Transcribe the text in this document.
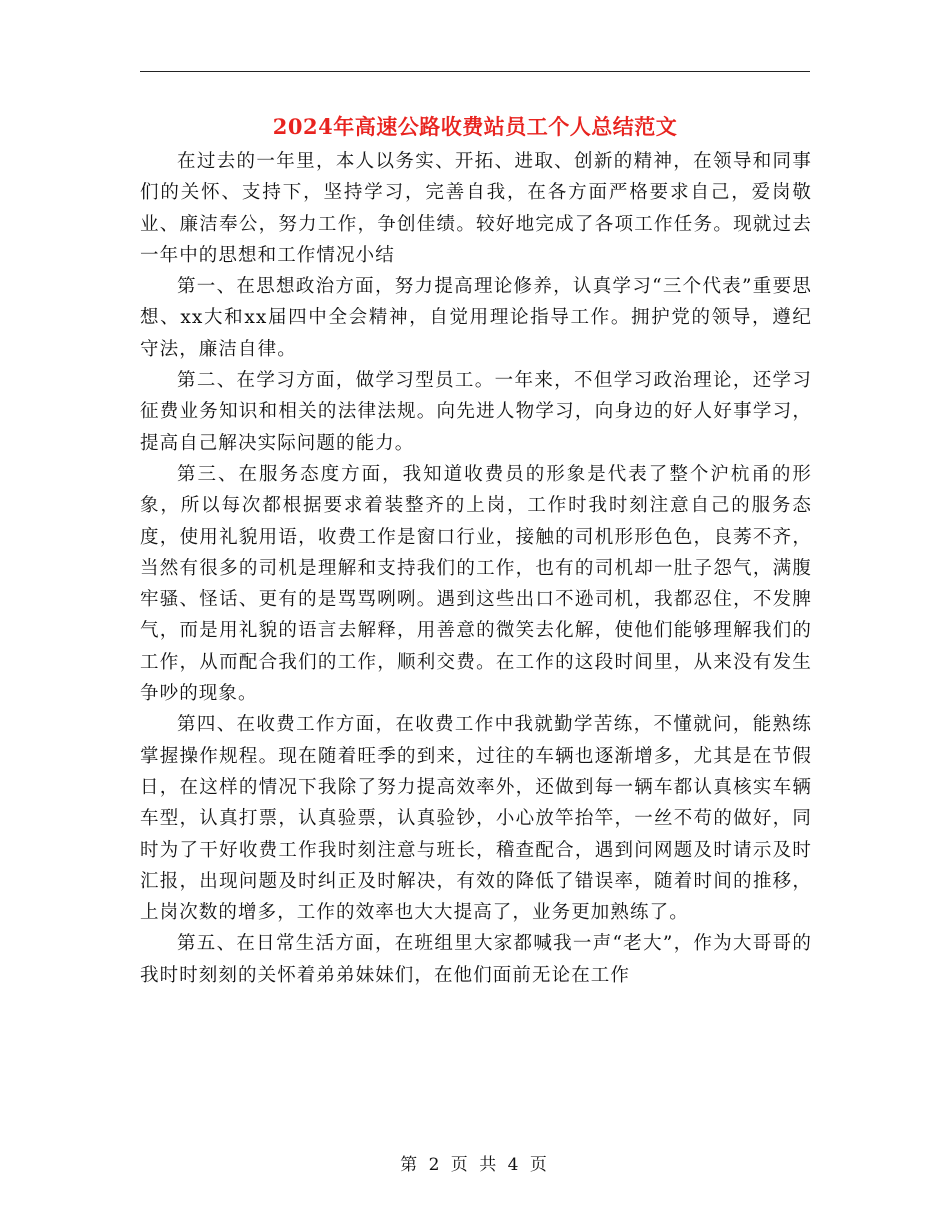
2024年高速公路收费站员工个人总结范文

在过去的一年里，本人以务实、开拓、进取、创新的精神，在领导和同事们的关怀、支持下，坚持学习，完善自我，在各方面严格要求自己，爱岗敬业、廉洁奉公，努力工作，争创佳绩。较好地完成了各项工作任务。现就过去一年中的思想和工作情况小结

第一、在思想政治方面，努力提高理论修养，认真学习“三个代表”重要思想、xx大和xx届四中全会精神，自觉用理论指导工作。拥护党的领导，遵纪守法，廉洁自律。

第二、在学习方面，做学习型员工。一年来，不但学习政治理论，还学习征费业务知识和相关的法律法规。向先进人物学习，向身边的好人好事学习，提高自己解决实际问题的能力。

第三、在服务态度方面，我知道收费员的形象是代表了整个沪杭甬的形象，所以每次都根据要求着装整齐的上岗，工作时我时刻注意自己的服务态度，使用礼貌用语，收费工作是窗口行业，接触的司机形形色色，良莠不齐，当然有很多的司机是理解和支持我们的工作，也有的司机却一肚子怨气，满腹牢骚、怪话、更有的是骂骂咧咧。遇到这些出口不逊司机，我都忍住，不发脾气，而是用礼貌的语言去解释，用善意的微笑去化解，使他们能够理解我们的工作，从而配合我们的工作，顺利交费。在工作的这段时间里，从来没有发生争吵的现象。

第四、在收费工作方面，在收费工作中我就勤学苦练，不懂就问，能熟练掌握操作规程。现在随着旺季的到来，过往的车辆也逐渐增多，尤其是在节假日，在这样的情况下我除了努力提高效率外，还做到每一辆车都认真核实车辆车型，认真打票，认真验票，认真验钞，小心放竿抬竿，一丝不苟的做好，同时为了干好收费工作我时刻注意与班长，稽查配合，遇到问网题及时请示及时汇报，出现问题及时纠正及时解决，有效的降低了错误率，随着时间的推移，上岗次数的增多，工作的效率也大大提高了，业务更加熟练了。

第五、在日常生活方面，在班组里大家都喊我一声“老大”，作为大哥哥的我时时刻刻的关怀着弟弟妹妹们，在他们面前无论在工作

第 2 页 共 4 页
